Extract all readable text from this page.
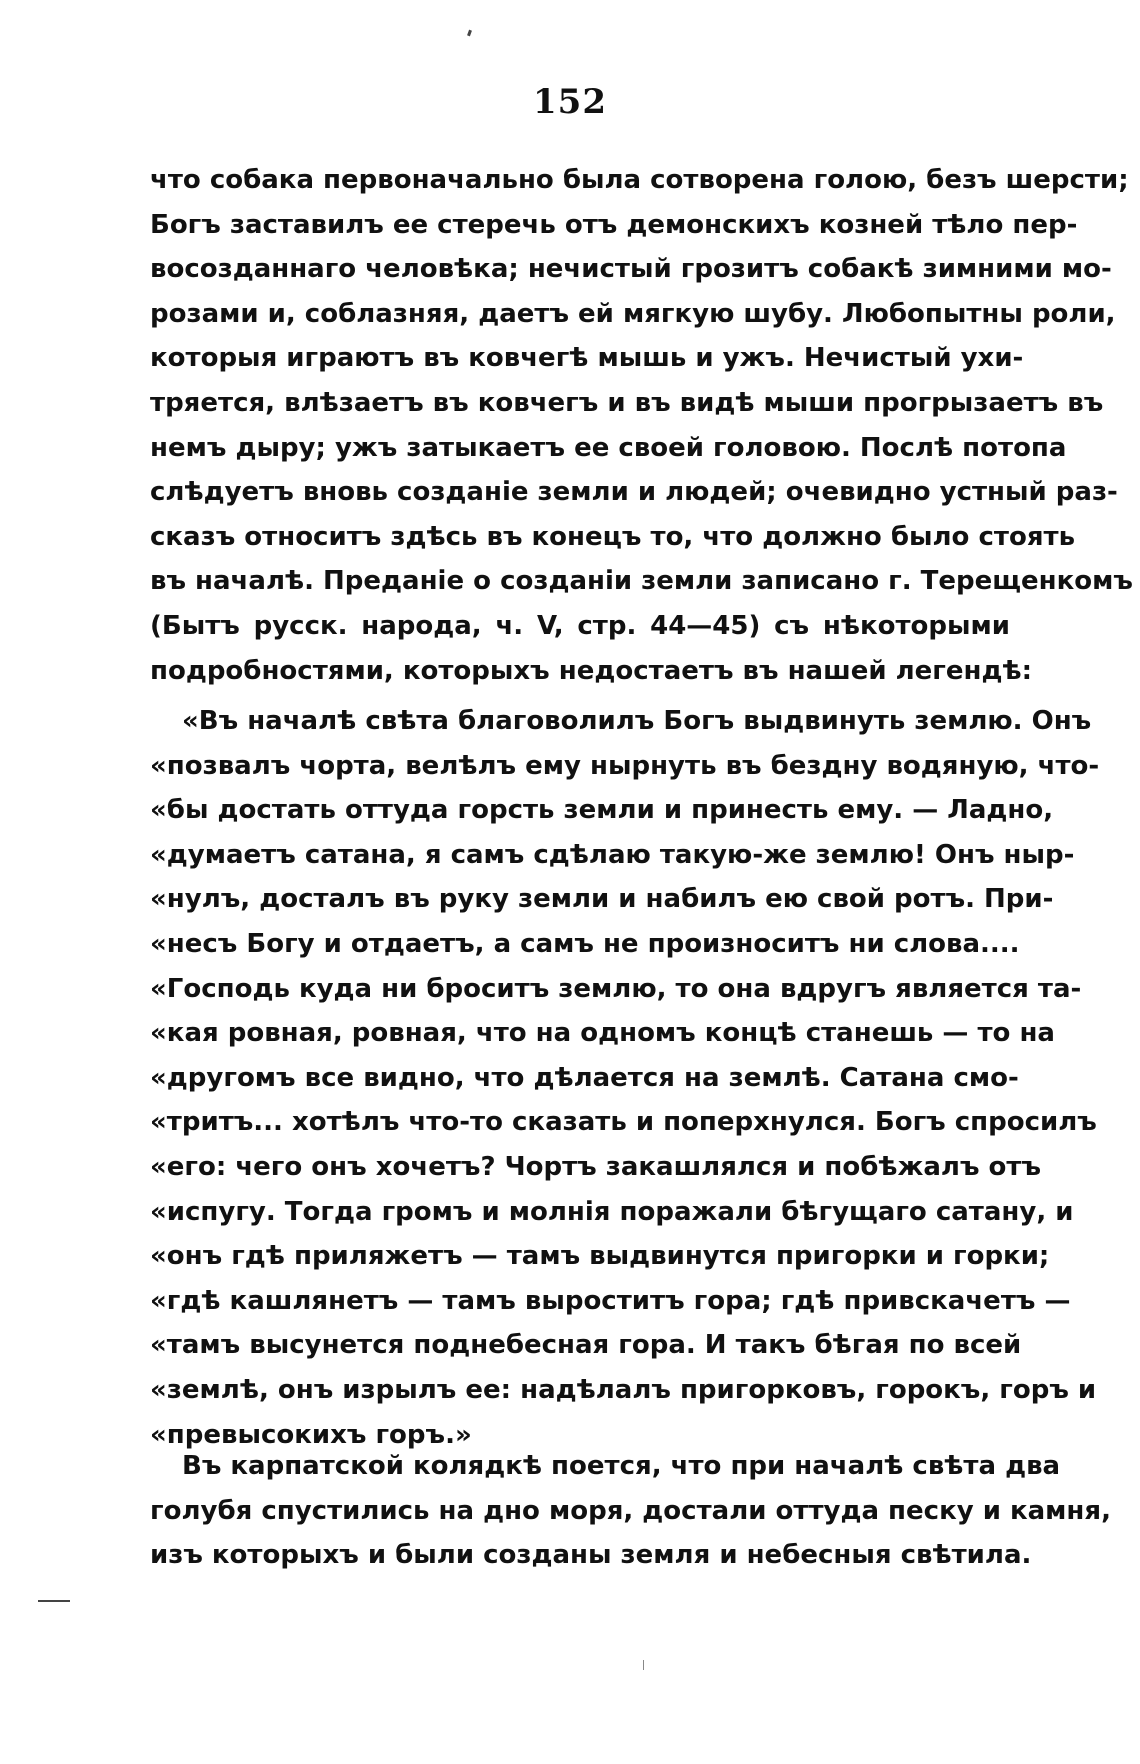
152
что собака первоначально была сотворена голою, безъ шерсти;
Богъ заставилъ ее стеречь отъ демонскихъ козней тѣло пер-
восозданнаго человѣка; нечистый грозитъ собакѣ зимними мо-
розами и, соблазняя, даетъ ей мягкую шубу. Любопытны роли,
которыя играютъ въ ковчегѣ мышь и ужъ. Нечистый ухи-
тряется, влѣзаетъ въ ковчегъ и въ видѣ мыши прогрызаетъ въ
немъ дыру; ужъ затыкаетъ ее своей головою. Послѣ потопа
слѣдуетъ вновь созданіе земли и людей; очевидно устный раз-
сказъ относитъ здѣсь въ конецъ то, что должно было стоять
въ началѣ. Преданіе о созданіи земли записано г. Терещенкомъ
(Бытъ русск. народа, ч. V, стр. 44—45) съ нѣкоторыми
подробностями, которыхъ недостаетъ въ нашей легендѣ:
«Въ началѣ свѣта благоволилъ Богъ выдвинуть землю. Онъ
«позвалъ чорта, велѣлъ ему нырнуть въ бездну водяную, что-
«бы достать оттуда горсть земли и принесть ему. — Ладно,
«думаетъ сатана, я самъ сдѣлаю такую-же землю! Онъ ныр-
«нулъ, досталъ въ руку земли и набилъ ею свой ротъ. При-
«несъ Богу и отдаетъ, а самъ не произноситъ ни слова....
«Господь куда ни броситъ землю, то она вдругъ является та-
«кая ровная, ровная, что на одномъ концѣ станешь — то на
«другомъ все видно, что дѣлается на землѣ. Сатана смо-
«тритъ... хотѣлъ что-то сказать и поперхнулся. Богъ спросилъ
«его: чего онъ хочетъ? Чортъ закашлялся и побѣжалъ отъ
«испугу. Тогда громъ и молнія поражали бѣгущаго сатану, и
«онъ гдѣ приляжетъ — тамъ выдвинутся пригорки и горки;
«гдѣ кашлянетъ — тамъ выроститъ гора; гдѣ привскачетъ —
«тамъ высунется поднебесная гора. И такъ бѣгая по всей
«землѣ, онъ изрылъ ее: надѣлалъ пригорковъ, горокъ, горъ и
«превысокихъ горъ.»
Въ карпатской колядкѣ поется, что при началѣ свѣта два
голубя спустились на дно моря, достали оттуда песку и камня,
изъ которыхъ и были созданы земля и небесныя свѣтила.
